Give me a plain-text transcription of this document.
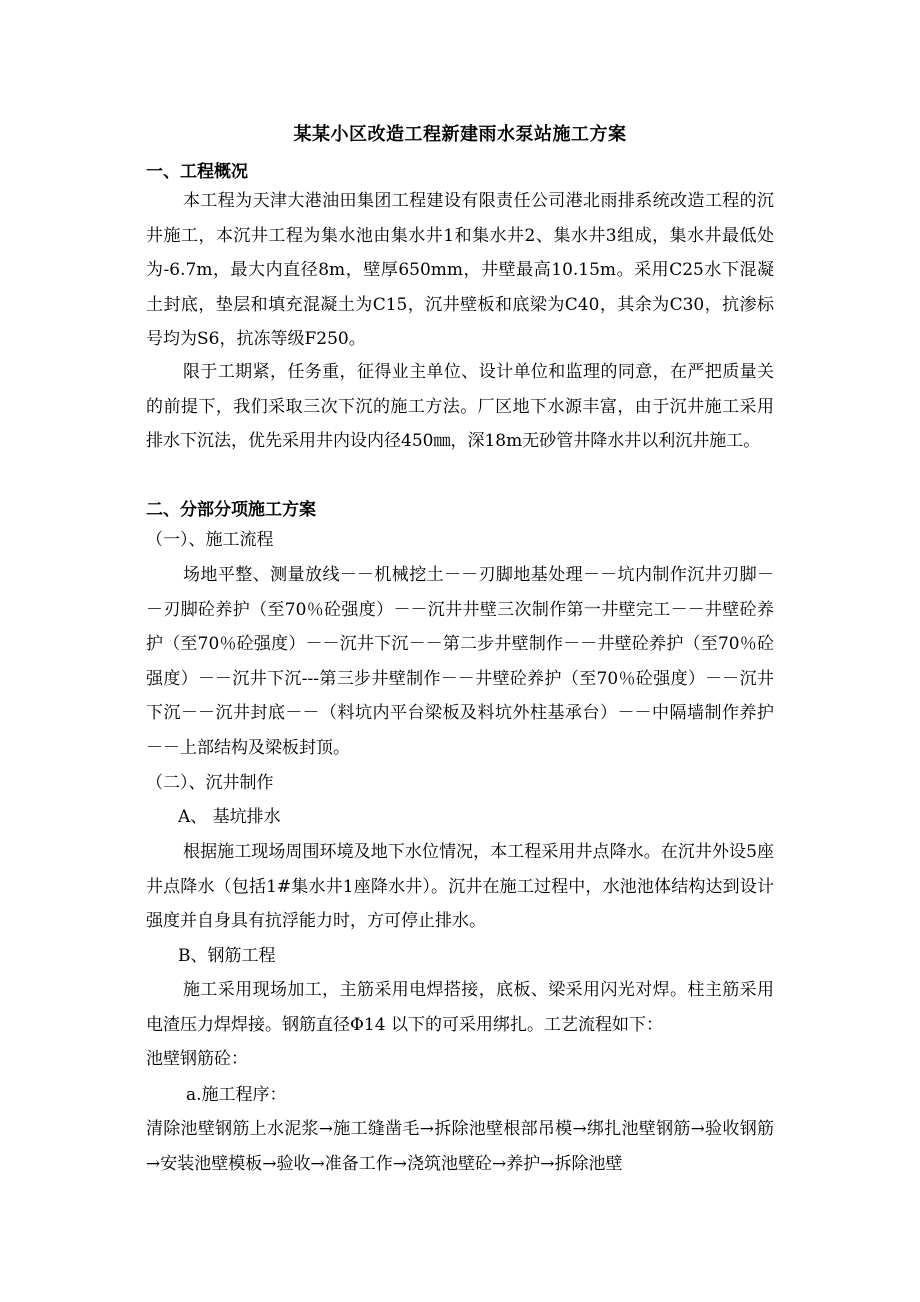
某某小区改造工程新建雨水泵站施工方案
一、工程概况

本工程为天津大港油田集团工程建设有限责任公司港北雨排系统改造工程的沉井施工，本沉井工程为集水池由集水井1和集水井2、集水井3组成，集水井最低处为-6.7m，最大内直径8m，壁厚650mm，井壁最高10.15m。采用C25水下混凝土封底，垫层和填充混凝土为C15，沉井壁板和底梁为C40，其余为C30，抗渗标号均为S6，抗冻等级F250。

限于工期紧，任务重，征得业主单位、设计单位和监理的同意，在严把质量关的前提下，我们采取三次下沉的施工方法。厂区地下水源丰富，由于沉井施工采用排水下沉法，优先采用井内设内径450㎜，深18m无砂管井降水井以利沉井施工。

二、分部分项施工方案
（一）、施工流程

场地平整、测量放线－－机械挖土－－刃脚地基处理－－坑内制作沉井刃脚－－刃脚砼养护（至70％砼强度）－－沉井井壁三次制作第一井壁完工－－井壁砼养护（至70％砼强度）－－沉井下沉－－第二步井壁制作－－井壁砼养护（至70％砼强度）－－沉井下沉---第三步井壁制作－－井壁砼养护（至70％砼强度）－－沉井下沉－－沉井封底－－（料坑内平台梁板及料坑外柱基承台）－－中隔墙制作养护－－上部结构及梁板封顶。

（二）、沉井制作
A、 基坑排水

根据施工现场周围环境及地下水位情况，本工程采用井点降水。在沉井外设5座井点降水（包括1#集水井1座降水井）。沉井在施工过程中，水池池体结构达到设计强度并自身具有抗浮能力时，方可停止排水。

B、钢筋工程

施工采用现场加工，主筋采用电焊搭接，底板、梁采用闪光对焊。柱主筋采用电渣压力焊焊接。钢筋直径Φ14 以下的可采用绑扎。工艺流程如下：

池壁钢筋砼：
a.施工程序：

清除池壁钢筋上水泥浆→施工缝凿毛→拆除池壁根部吊模→绑扎池壁钢筋→验收钢筋→安装池壁模板→验收→准备工作→浇筑池壁砼→养护→拆除池壁
